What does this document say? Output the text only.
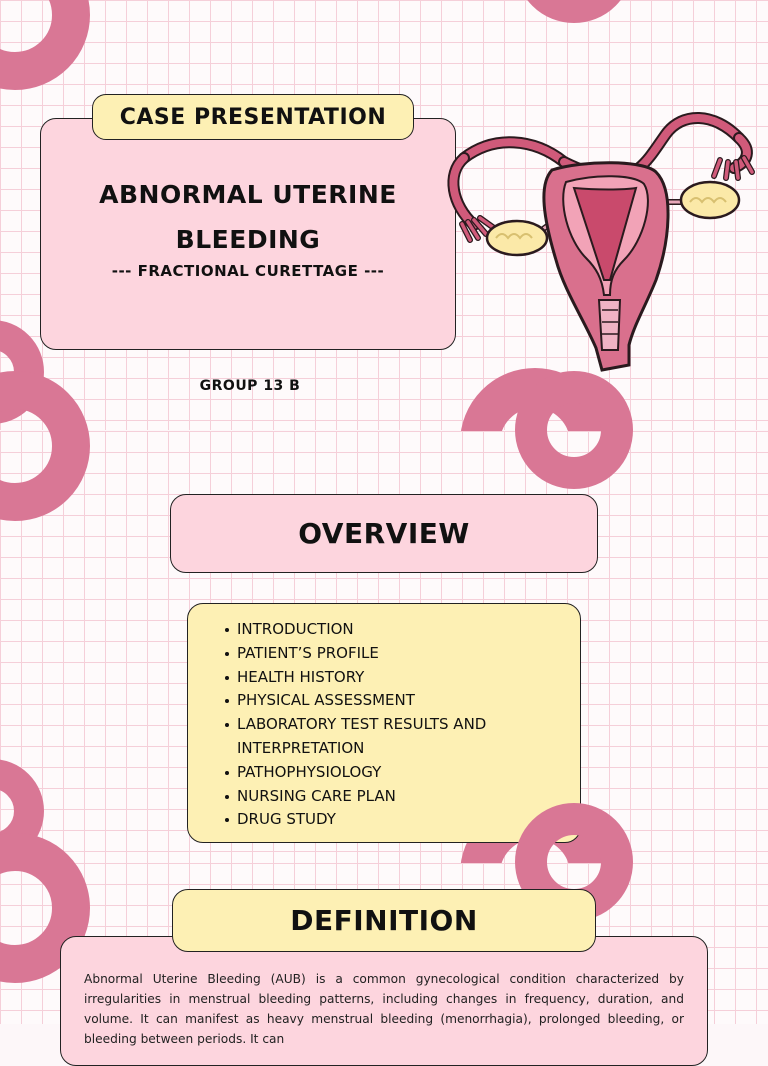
CASE PRESENTATION
ABNORMAL UTERINE BLEEDING
--- FRACTIONAL CURETTAGE ---
GROUP 13 B
OVERVIEW
INTRODUCTION
PATIENT’S PROFILE
HEALTH HISTORY
PHYSICAL ASSESSMENT
LABORATORY TEST RESULTS AND INTERPRETATION
PATHOPHYSIOLOGY
NURSING CARE PLAN
DRUG STUDY
DEFINITION

Abnormal Uterine Bleeding (AUB) is a common gynecological condition characterized by irregularities in menstrual bleeding patterns, including changes in frequency, duration, and volume. It can manifest as heavy menstrual bleeding (menorrhagia), prolonged bleeding, or bleeding between periods. It can
